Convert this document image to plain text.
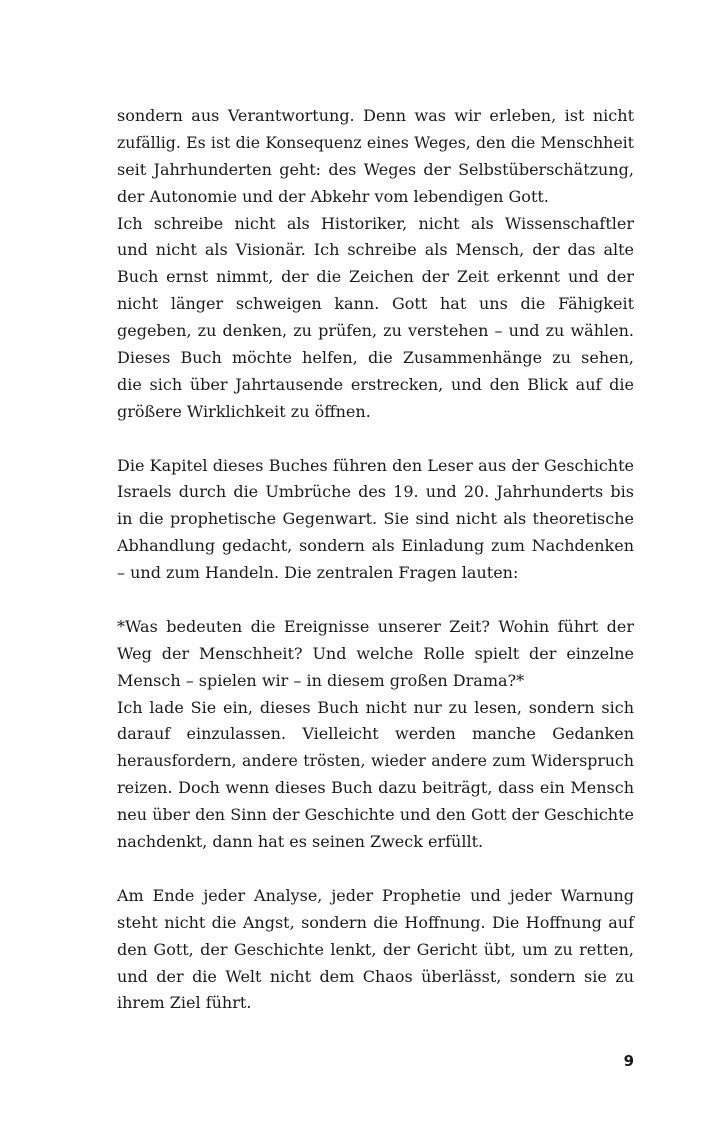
sondern aus Verantwortung. Denn was wir erleben, ist nicht
zufällig. Es ist die Konsequenz eines Weges, den die Menschheit
seit Jahrhunderten geht: des Weges der Selbstüberschätzung,
der Autonomie und der Abkehr vom lebendigen Gott.
Ich schreibe nicht als Historiker, nicht als Wissenschaftler
und nicht als Visionär. Ich schreibe als Mensch, der das alte
Buch ernst nimmt, der die Zeichen der Zeit erkennt und der
nicht länger schweigen kann. Gott hat uns die Fähigkeit
gegeben, zu denken, zu prüfen, zu verstehen – und zu wählen.
Dieses Buch möchte helfen, die Zusammenhänge zu sehen,
die sich über Jahrtausende erstrecken, und den Blick auf die
größere Wirklichkeit zu öffnen.
Die Kapitel dieses Buches führen den Leser aus der Geschichte
Israels durch die Umbrüche des 19. und 20. Jahrhunderts bis
in die prophetische Gegenwart. Sie sind nicht als theoretische
Abhandlung gedacht, sondern als Einladung zum Nachdenken
– und zum Handeln. Die zentralen Fragen lauten:
*Was bedeuten die Ereignisse unserer Zeit? Wohin führt der
Weg der Menschheit? Und welche Rolle spielt der einzelne
Mensch – spielen wir – in diesem großen Drama?*
Ich lade Sie ein, dieses Buch nicht nur zu lesen, sondern sich
darauf einzulassen. Vielleicht werden manche Gedanken
herausfordern, andere trösten, wieder andere zum Widerspruch
reizen. Doch wenn dieses Buch dazu beiträgt, dass ein Mensch
neu über den Sinn der Geschichte und den Gott der Geschichte
nachdenkt, dann hat es seinen Zweck erfüllt.
Am Ende jeder Analyse, jeder Prophetie und jeder Warnung
steht nicht die Angst, sondern die Hoffnung. Die Hoffnung auf
den Gott, der Geschichte lenkt, der Gericht übt, um zu retten,
und der die Welt nicht dem Chaos überlässt, sondern sie zu
ihrem Ziel führt.
9
